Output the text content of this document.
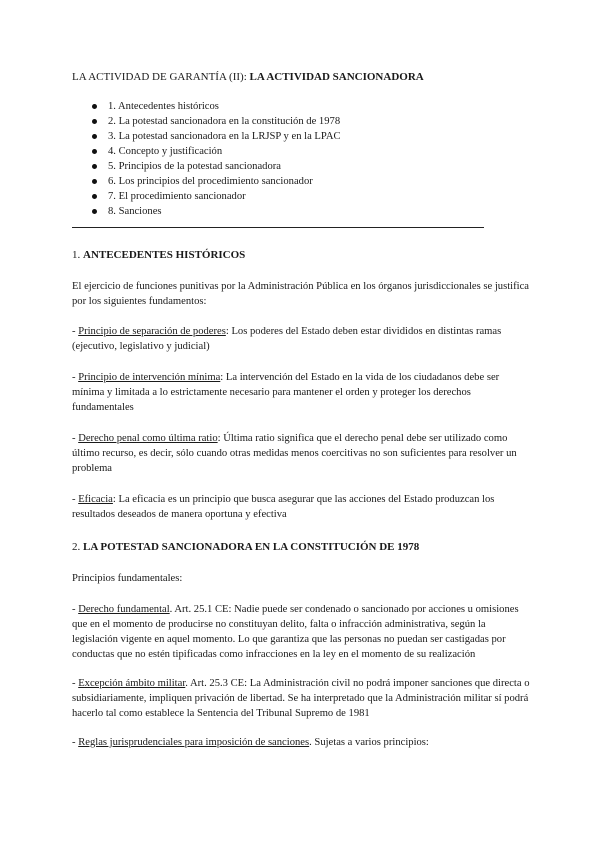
LA ACTIVIDAD DE GARANTÍA (II): LA ACTIVIDAD SANCIONADORA
1. Antecedentes históricos
2. La potestad sancionadora en la constitución de 1978
3. La potestad sancionadora en la LRJSP y en la LPAC
4. Concepto y justificación
5. Principios de la potestad sancionadora
6. Los principios del procedimiento sancionador
7. El procedimiento sancionador
8. Sanciones
1. ANTECEDENTES HISTÓRICOS

El ejercicio de funciones punitivas por la Administración Pública en los órganos jurisdiccionales se justifica por los siguientes fundamentos:

- Principio de separación de poderes: Los poderes del Estado deben estar divididos en distintas ramas (ejecutivo, legislativo y judicial)

- Principio de intervención mínima: La intervención del Estado en la vida de los ciudadanos debe ser mínima y limitada a lo estrictamente necesario para mantener el orden y proteger los derechos fundamentales

- Derecho penal como última ratio: Última ratio significa que el derecho penal debe ser utilizado como último recurso, es decir, sólo cuando otras medidas menos coercitivas no son suficientes para resolver un problema

- Eficacia: La eficacia es un principio que busca asegurar que las acciones del Estado produzcan los resultados deseados de manera oportuna y efectiva

2. LA POTESTAD SANCIONADORA EN LA CONSTITUCIÓN DE 1978

Principios fundamentales:

- Derecho fundamental. Art. 25.1 CE: Nadie puede ser condenado o sancionado por acciones u omisiones que en el momento de producirse no constituyan delito, falta o infracción administrativa, según la legislación vigente en aquel momento. Lo que garantiza que las personas no puedan ser castigadas por conductas que no estén tipificadas como infracciones en la ley en el momento de su realización

- Excepción ámbito militar. Art. 25.3 CE: La Administración civil no podrá imponer sanciones que directa o subsidiariamente, impliquen privación de libertad. Se ha interpretado que la Administración militar sí podrá hacerlo tal como establece la Sentencia del Tribunal Supremo de 1981

- Reglas jurisprudenciales para imposición de sanciones. Sujetas a varios principios:
